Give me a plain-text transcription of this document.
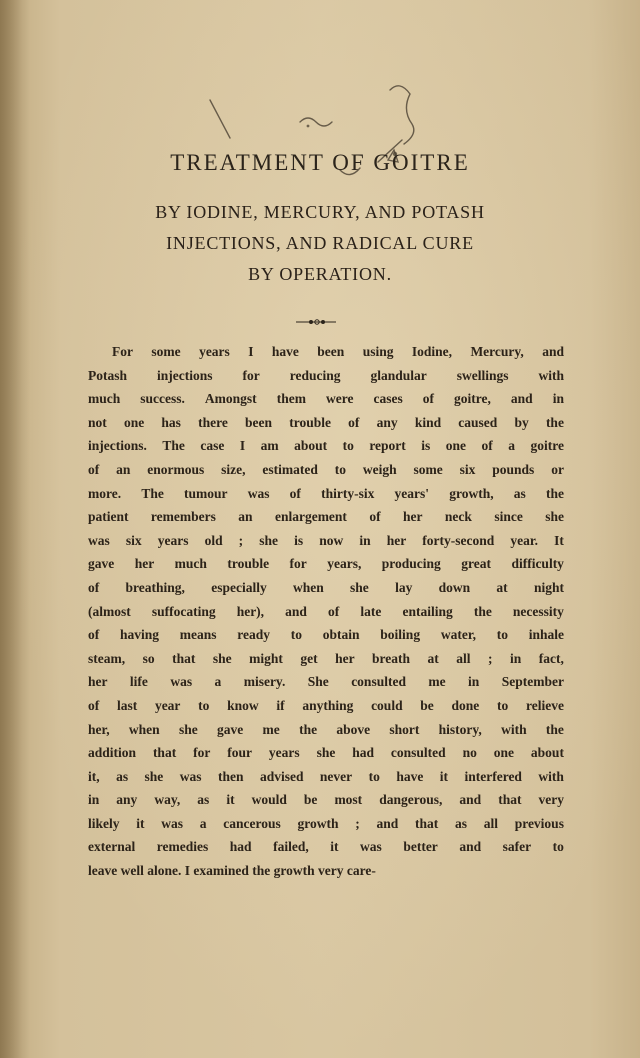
TREATMENT OF GOITRE
BY IODINE, MERCURY, AND POTASH
INJECTIONS, AND RADICAL CURE
BY OPERATION.
For some years I have been using Iodine, Mercury, and
Potash injections for reducing glandular swellings with
much success. Amongst them were cases of goitre, and in
not one has there been trouble of any kind caused by the
injections. The case I am about to report is one of a goitre
of an enormous size, estimated to weigh some six pounds or
more. The tumour was of thirty-six years' growth, as the
patient remembers an enlargement of her neck since she
was six years old ; she is now in her forty-second year. It
gave her much trouble for years, producing great difficulty
of breathing, especially when she lay down at night
(almost suffocating her), and of late entailing the necessity
of having means ready to obtain boiling water, to inhale
steam, so that she might get her breath at all ; in fact,
her life was a misery. She consulted me in September
of last year to know if anything could be done to relieve
her, when she gave me the above short history, with the
addition that for four years she had consulted no one about
it, as she was then advised never to have it interfered with
in any way, as it would be most dangerous, and that very
likely it was a cancerous growth ; and that as all previous
external remedies had failed, it was better and safer to
leave well alone. I examined the growth very care-
